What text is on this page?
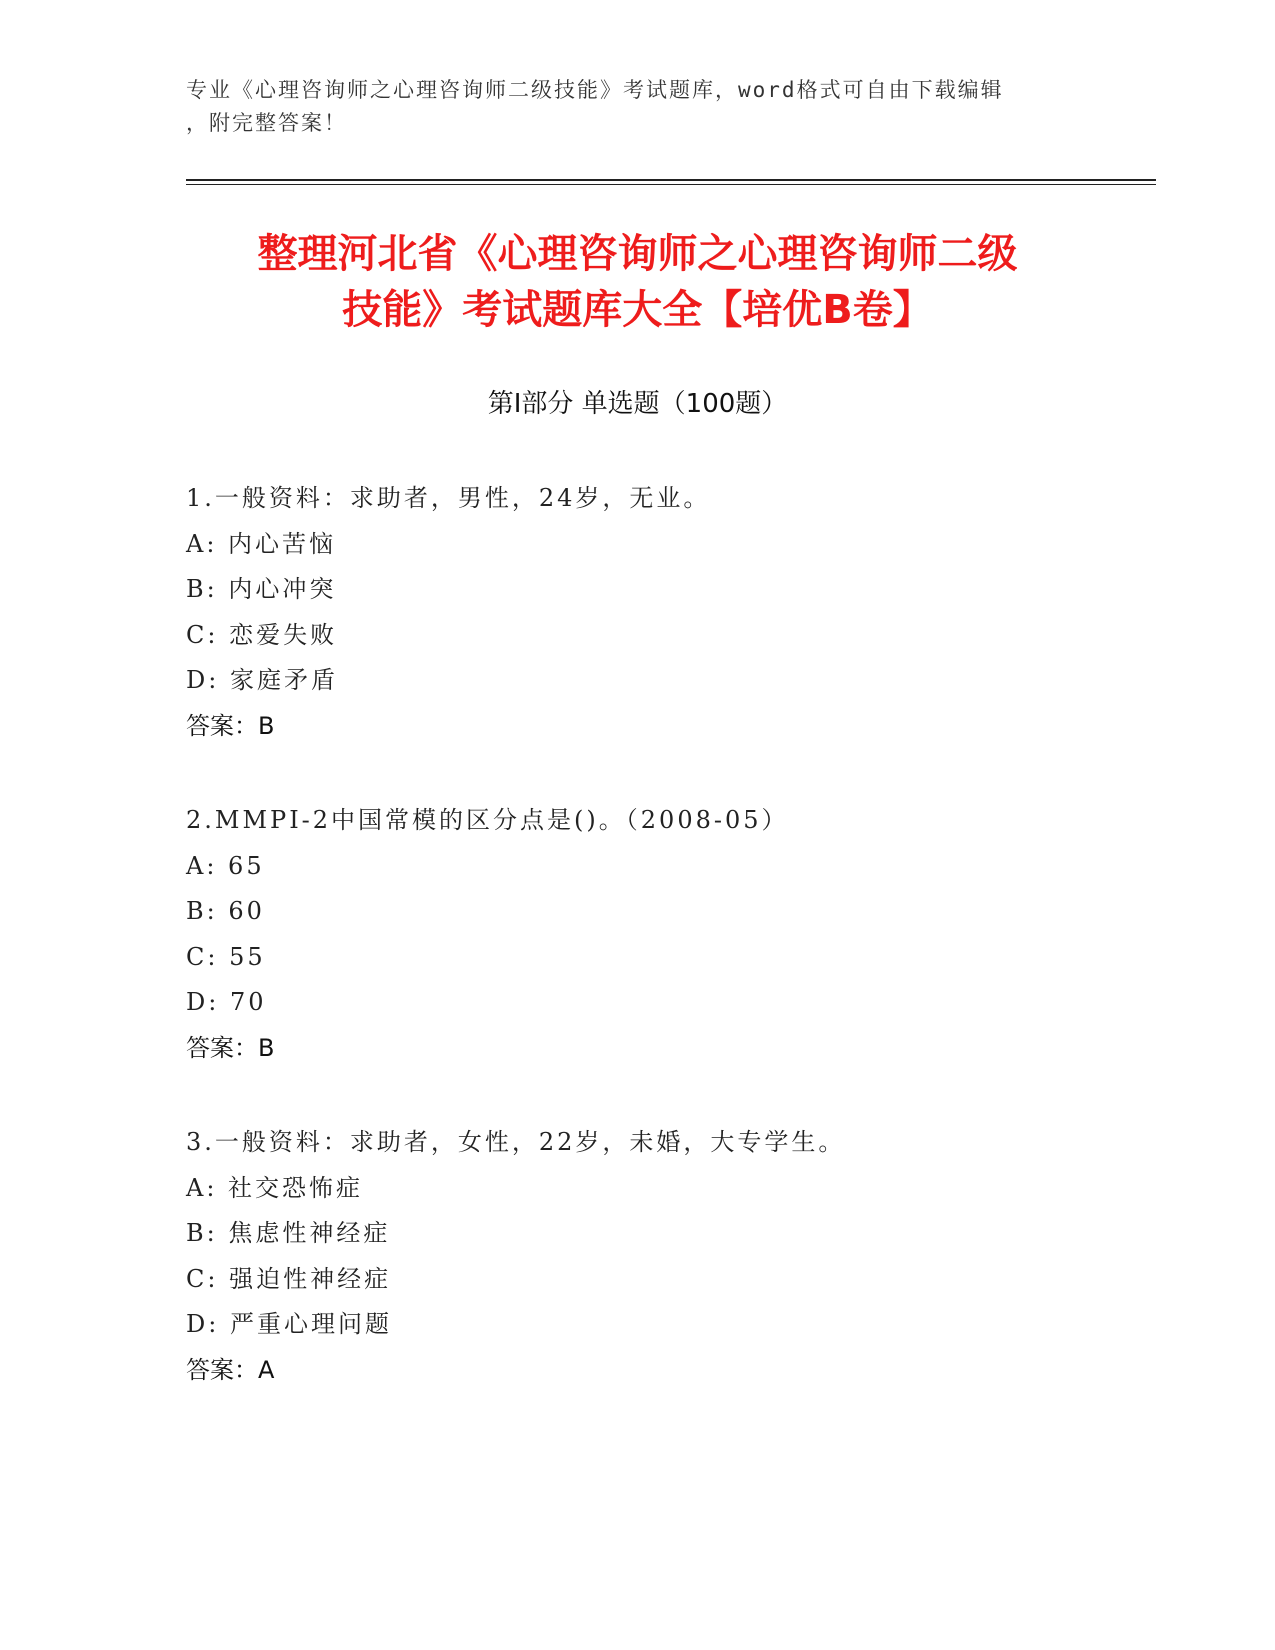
专业《心理咨询师之心理咨询师二级技能》考试题库，word格式可自由下载编辑
，附完整答案！
整理河北省《心理咨询师之心理咨询师二级
技能》考试题库大全【培优B卷】
第Ⅰ部分 单选题（100题）
1.一般资料：求助者，男性，24岁，无业。
A: 内心苦恼
B: 内心冲突
C: 恋爱失败
D: 家庭矛盾
答案：B
2.MMPI-2中国常模的区分点是()。（2008-05）
A: 65
B: 60
C: 55
D: 70
答案：B
3.一般资料：求助者，女性，22岁，未婚，大专学生。
A: 社交恐怖症
B: 焦虑性神经症
C: 强迫性神经症
D: 严重心理问题
答案：A
